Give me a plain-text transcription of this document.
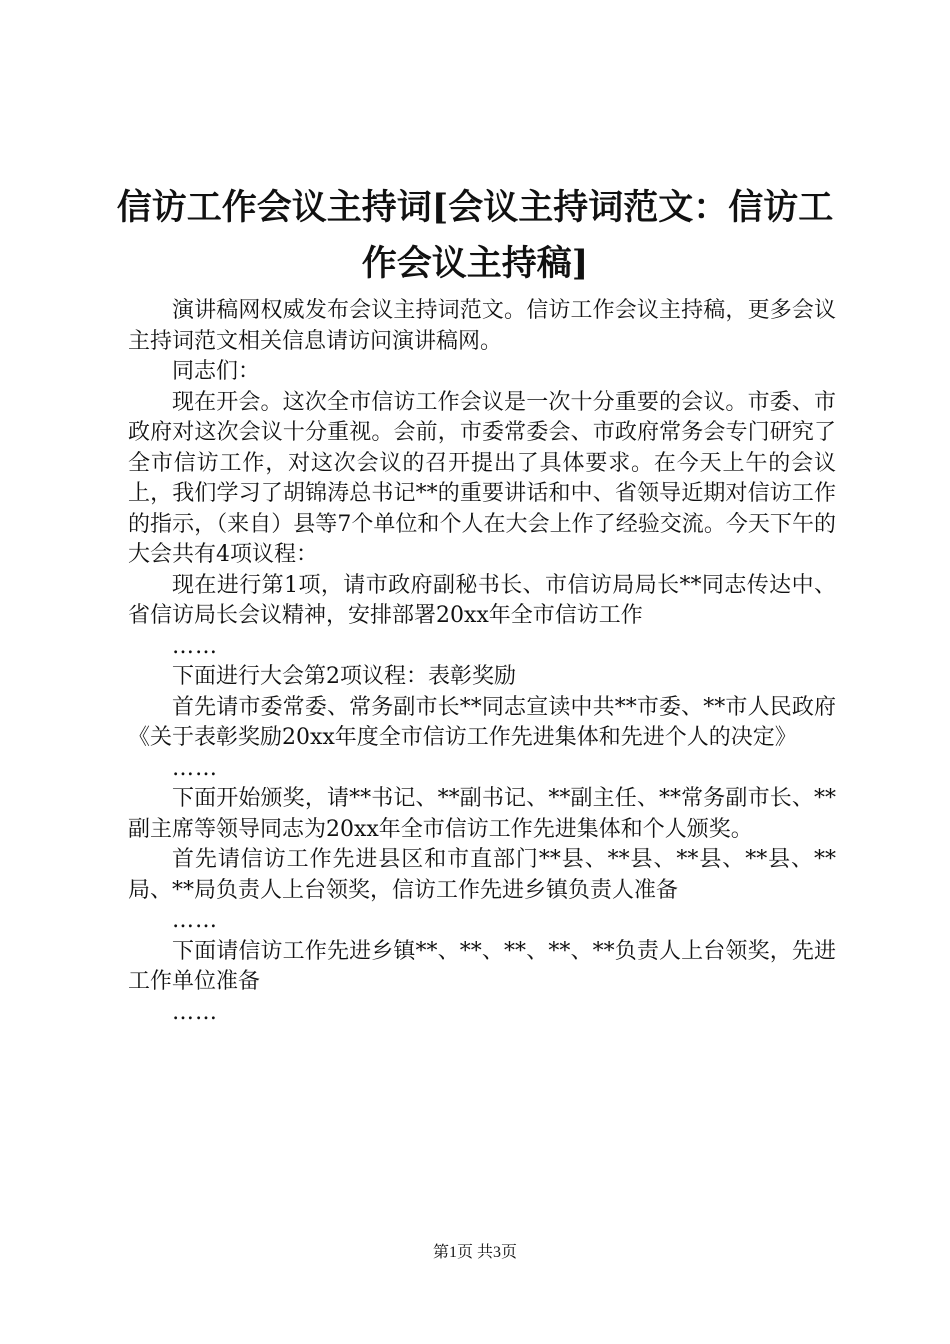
信访工作会议主持词[会议主持词范文：信访工作会议主持稿]

演讲稿网权威发布会议主持词范文。信访工作会议主持稿，更多会议主持词范文相关信息请访问演讲稿网。

同志们：

现在开会。这次全市信访工作会议是一次十分重要的会议。市委、市政府对这次会议十分重视。会前，市委常委会、市政府常务会专门研究了全市信访工作，对这次会议的召开提出了具体要求。在今天上午的会议上，我们学习了胡锦涛总书记**的重要讲话和中、省领导近期对信访工作的指示，（来自）县等7个单位和个人在大会上作了经验交流。今天下午的大会共有4项议程：

现在进行第1项，请市政府副秘书长、市信访局局长**同志传达中、省信访局长会议精神，安排部署20xx年全市信访工作

……

下面进行大会第2项议程：表彰奖励

首先请市委常委、常务副市长**同志宣读中共**市委、**市人民政府《关于表彰奖励20xx年度全市信访工作先进集体和先进个人的决定》

……

下面开始颁奖，请**书记、**副书记、**副主任、**常务副市长、**副主席等领导同志为20xx年全市信访工作先进集体和个人颁奖。

首先请信访工作先进县区和市直部门**县、**县、**县、**县、**局、**局负责人上台领奖，信访工作先进乡镇负责人准备

……

下面请信访工作先进乡镇**、**、**、**、**负责人上台领奖，先进工作单位准备

……

第1页 共3页
